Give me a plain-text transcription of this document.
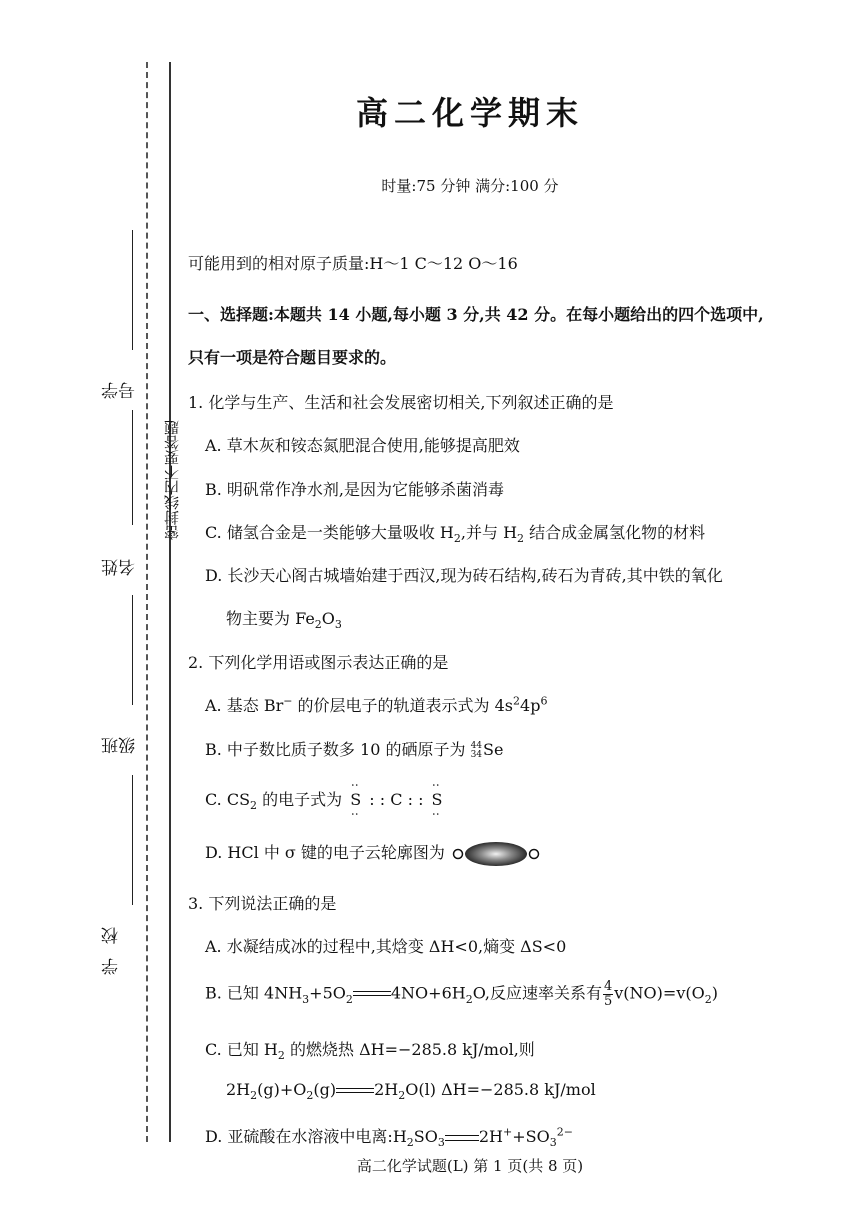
学号
姓名
班级
学校
密封线内不要答题
高二化学期末
时量:75 分钟 满分:100 分
可能用到的相对原子质量:H～1 C～12 O～16
一、选择题:本题共 14 小题,每小题 3 分,共 42 分。在每小题给出的四个选项中,
只有一项是符合题目要求的。
1. 化学与生产、生活和社会发展密切相关,下列叙述正确的是
A. 草木灰和铵态氮肥混合使用,能够提高肥效
B. 明矾常作净水剂,是因为它能够杀菌消毒
C. 储氢合金是一类能够大量吸收 $H_2$,并与 $H_2$ 结合成金属氢化物的材料
D. 长沙天心阁古城墙始建于西汉,现为砖石结构,砖石为青砖,其中铁的氧化
物主要为 $Fe_2O_3$
2. 下列化学用语或图示表达正确的是
A. 基态 Br− 的价层电子的轨道表示式为 $4s^24p^6$
B. 中子数比质子数多 10 的硒原子为 44
34 Se
C. $CS_2$ 的电子式为 : S : : : C : : : S :
D. HCl 中 σ 键的电子云轮廓图为
3. 下列说法正确的是
A. 水凝结成冰的过程中,其焓变 ΔH<0,熵变 ΔS<0
B. 已知 $4NH_3+5O_2$ $4NO+6H_2O$,反应速率关系有 $\frac{4}{5} v(NO)=v(O_2)$
C. 已知 $H_2$ 的燃烧热 ΔH=−285.8 kJ/mol,则
$2H_2(g)+O_2(g)$ $2H_2O(l)$ ΔH=−285.8 kJ/mol
D. 亚硫酸在水溶液中电离$:H_2SO_3$ $2H^++SO_3^{2-}$
高二化学试题(L) 第 1 页(共 8 页)
